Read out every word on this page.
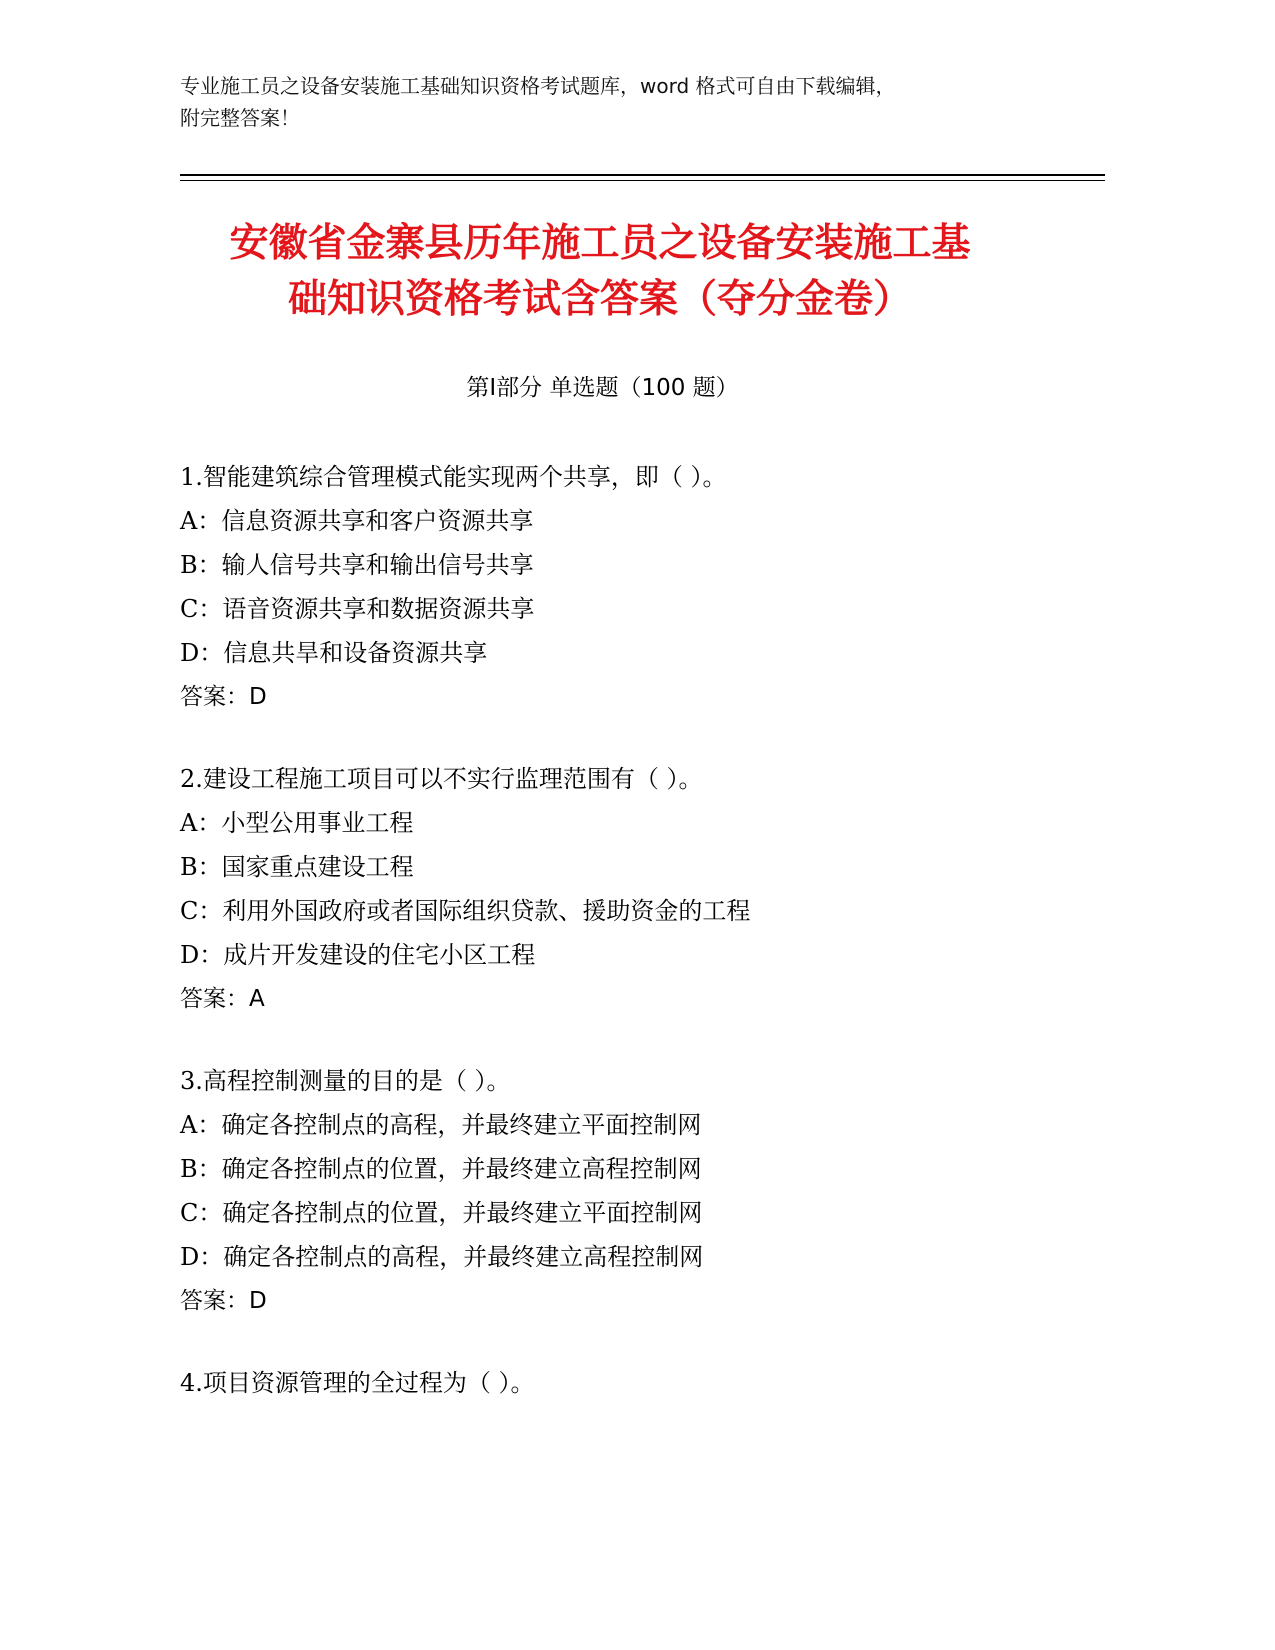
专业施工员之设备安装施工基础知识资格考试题库，word 格式可自由下载编辑，
附完整答案！
安徽省金寨县历年施工员之设备安装施工基
础知识资格考试含答案（夺分金卷）
第Ⅰ部分 单选题（100 题）
1.智能建筑综合管理模式能实现两个共享，即（ ）。
A：信息资源共享和客户资源共享
B：输人信号共享和输出信号共享
C：语音资源共享和数据资源共享
D：信息共旱和设备资源共享
答案：D
2.建设工程施工项目可以不实行监理范围有（ ）。
A：小型公用事业工程
B：国家重点建设工程
C：利用外国政府或者国际组织贷款、援助资金的工程
D：成片开发建设的住宅小区工程
答案：A
3.高程控制测量的目的是（ ）。
A：确定各控制点的高程，并最终建立平面控制网
B：确定各控制点的位置，并最终建立高程控制网
C：确定各控制点的位置，并最终建立平面控制网
D：确定各控制点的高程，并最终建立高程控制网
答案：D
4.项目资源管理的全过程为（ ）。
